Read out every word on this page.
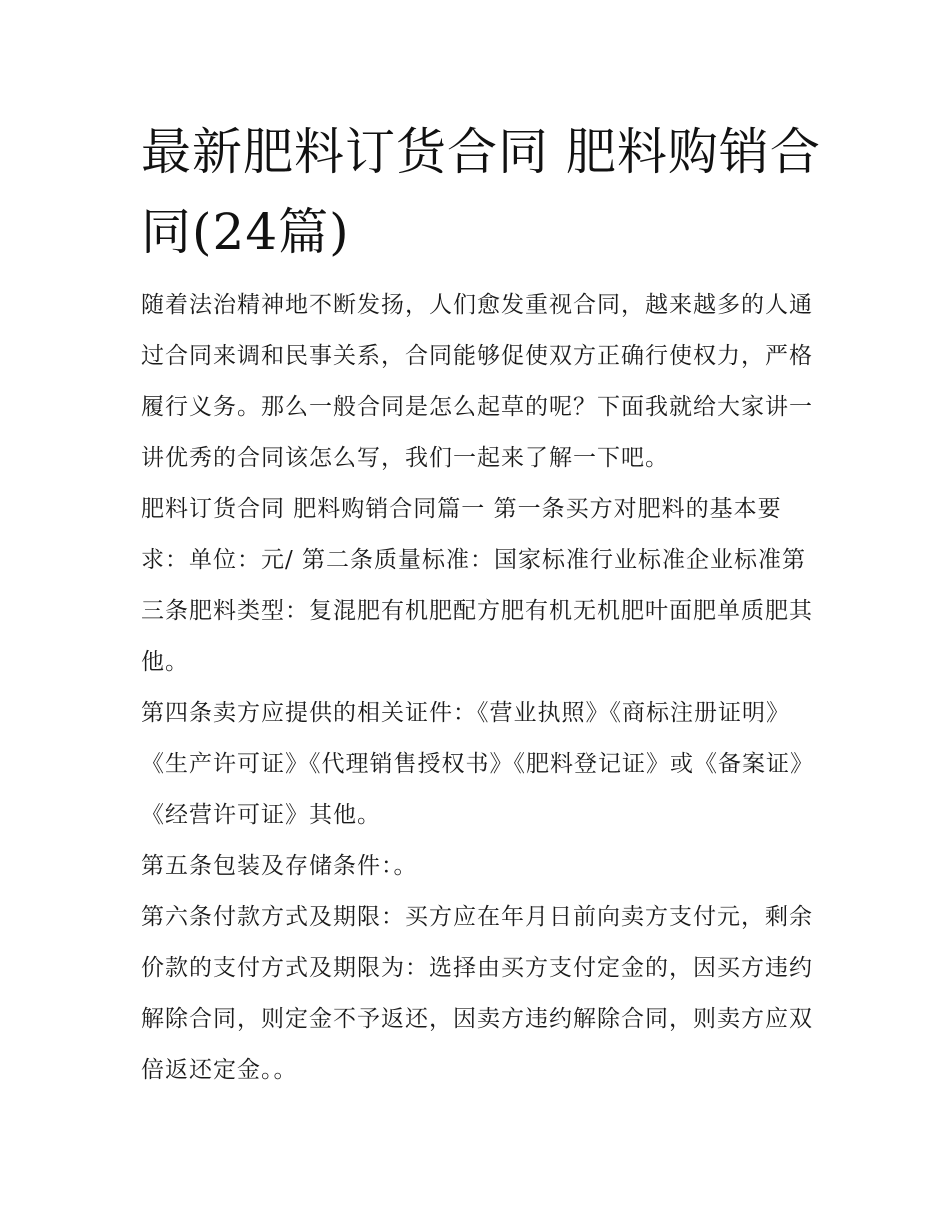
最新肥料订货合同 肥料购销合同(24篇)

随着法治精神地不断发扬，人们愈发重视合同，越来越多的人通过合同来调和民事关系，合同能够促使双方正确行使权力，严格履行义务。那么一般合同是怎么起草的呢？下面我就给大家讲一讲优秀的合同该怎么写，我们一起来了解一下吧。

肥料订货合同 肥料购销合同篇一 第一条买方对肥料的基本要求：单位：元/ 第二条质量标准：国家标准行业标准企业标准第三条肥料类型：复混肥有机肥配方肥有机无机肥叶面肥单质肥其他。

第四条卖方应提供的相关证件：《营业执照》《商标注册证明》《生产许可证》《代理销售授权书》《肥料登记证》或《备案证》《经营许可证》其他。

第五条包装及存储条件：。

第六条付款方式及期限：买方应在年月日前向卖方支付元，剩余价款的支付方式及期限为：选择由买方支付定金的，因买方违约解除合同，则定金不予返还，因卖方违约解除合同，则卖方应双倍返还定金。。
